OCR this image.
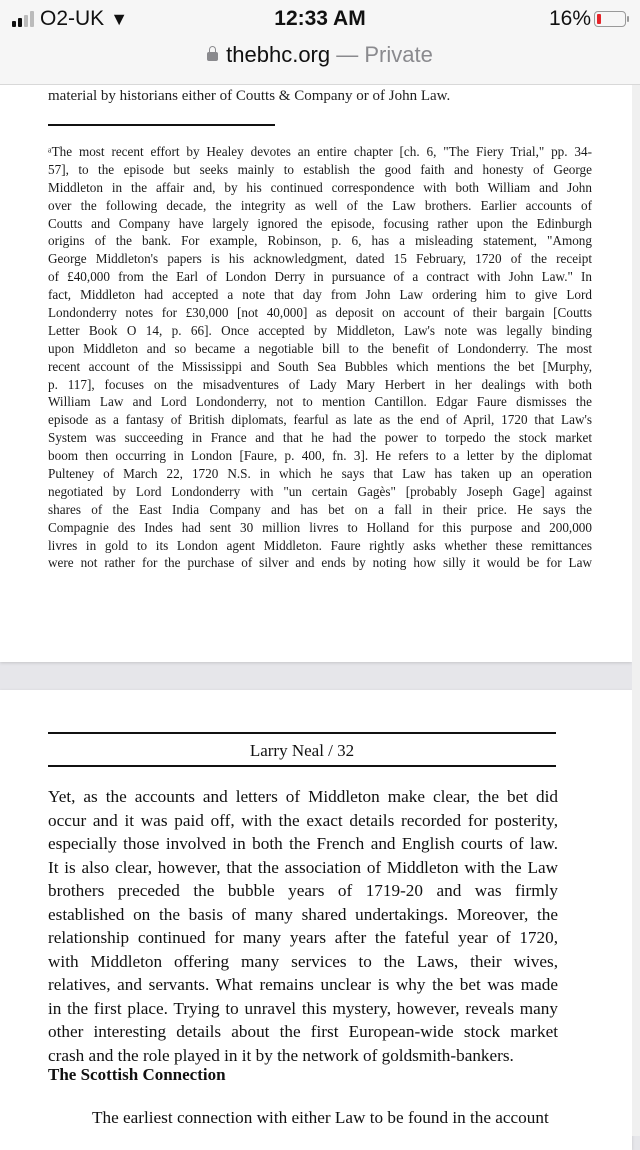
O2-UK ▼	12:33 AM	16%
thebhc.org — Private
material by historians either of Coutts & Company or of John Law.
ᵃThe most recent effort by Healey devotes an entire chapter [ch. 6, "The Fiery Trial," pp. 34-
57], to the episode but seeks mainly to establish the good faith and honesty of George
Middleton in the affair and, by his continued correspondence with both William and John
over the following decade, the integrity as well of the Law brothers. Earlier accounts of
Coutts and Company have largely ignored the episode, focusing rather upon the Edinburgh
origins of the bank. For example, Robinson, p. 6, has a misleading statement, "Among
George Middleton's papers is his acknowledgment, dated 15 February, 1720 of the receipt
of £40,000 from the Earl of London Derry in pursuance of a contract with John Law." In
fact, Middleton had accepted a note that day from John Law ordering him to give Lord
Londonderry notes for £30,000 [not 40,000] as deposit on account of their bargain [Coutts
Letter Book O 14, p. 66]. Once accepted by Middleton, Law's note was legally binding
upon Middleton and so became a negotiable bill to the benefit of Londonderry. The most
recent account of the Mississippi and South Sea Bubbles which mentions the bet [Murphy,
p. 117], focuses on the misadventures of Lady Mary Herbert in her dealings with both
William Law and Lord Londonderry, not to mention Cantillon. Edgar Faure dismisses the
episode as a fantasy of British diplomats, fearful as late as the end of April, 1720 that Law's
System was succeeding in France and that he had the power to torpedo the stock market
boom then occurring in London [Faure, p. 400, fn. 3]. He refers to a letter by the diplomat
Pulteney of March 22, 1720 N.S. in which he says that Law has taken up an operation
negotiated by Lord Londonderry with "un certain Gagès" [probably Joseph Gage] against
shares of the East India Company and has bet on a fall in their price. He says the
Compagnie des Indes had sent 30 million livres to Holland for this purpose and 200,000
livres in gold to its London agent Middleton. Faure rightly asks whether these remittances
were not rather for the purchase of silver and ends by noting how silly it would be for Law
Larry Neal / 32
Yet, as the accounts and letters of Middleton make clear, the bet did
occur and it was paid off, with the exact details recorded for posterity,
especially those involved in both the French and English courts of law.
It is also clear, however, that the association of Middleton with the Law
brothers preceded the bubble years of 1719-20 and was firmly
established on the basis of many shared undertakings. Moreover, the
relationship continued for many years after the fateful year of 1720,
with Middleton offering many services to the Laws, their wives,
relatives, and servants. What remains unclear is why the bet was made
in the first place. Trying to unravel this mystery, however, reveals many
other interesting details about the first European-wide stock market
crash and the role played in it by the network of goldsmith-bankers.
The Scottish Connection
The earliest connection with either Law to be found in the account
